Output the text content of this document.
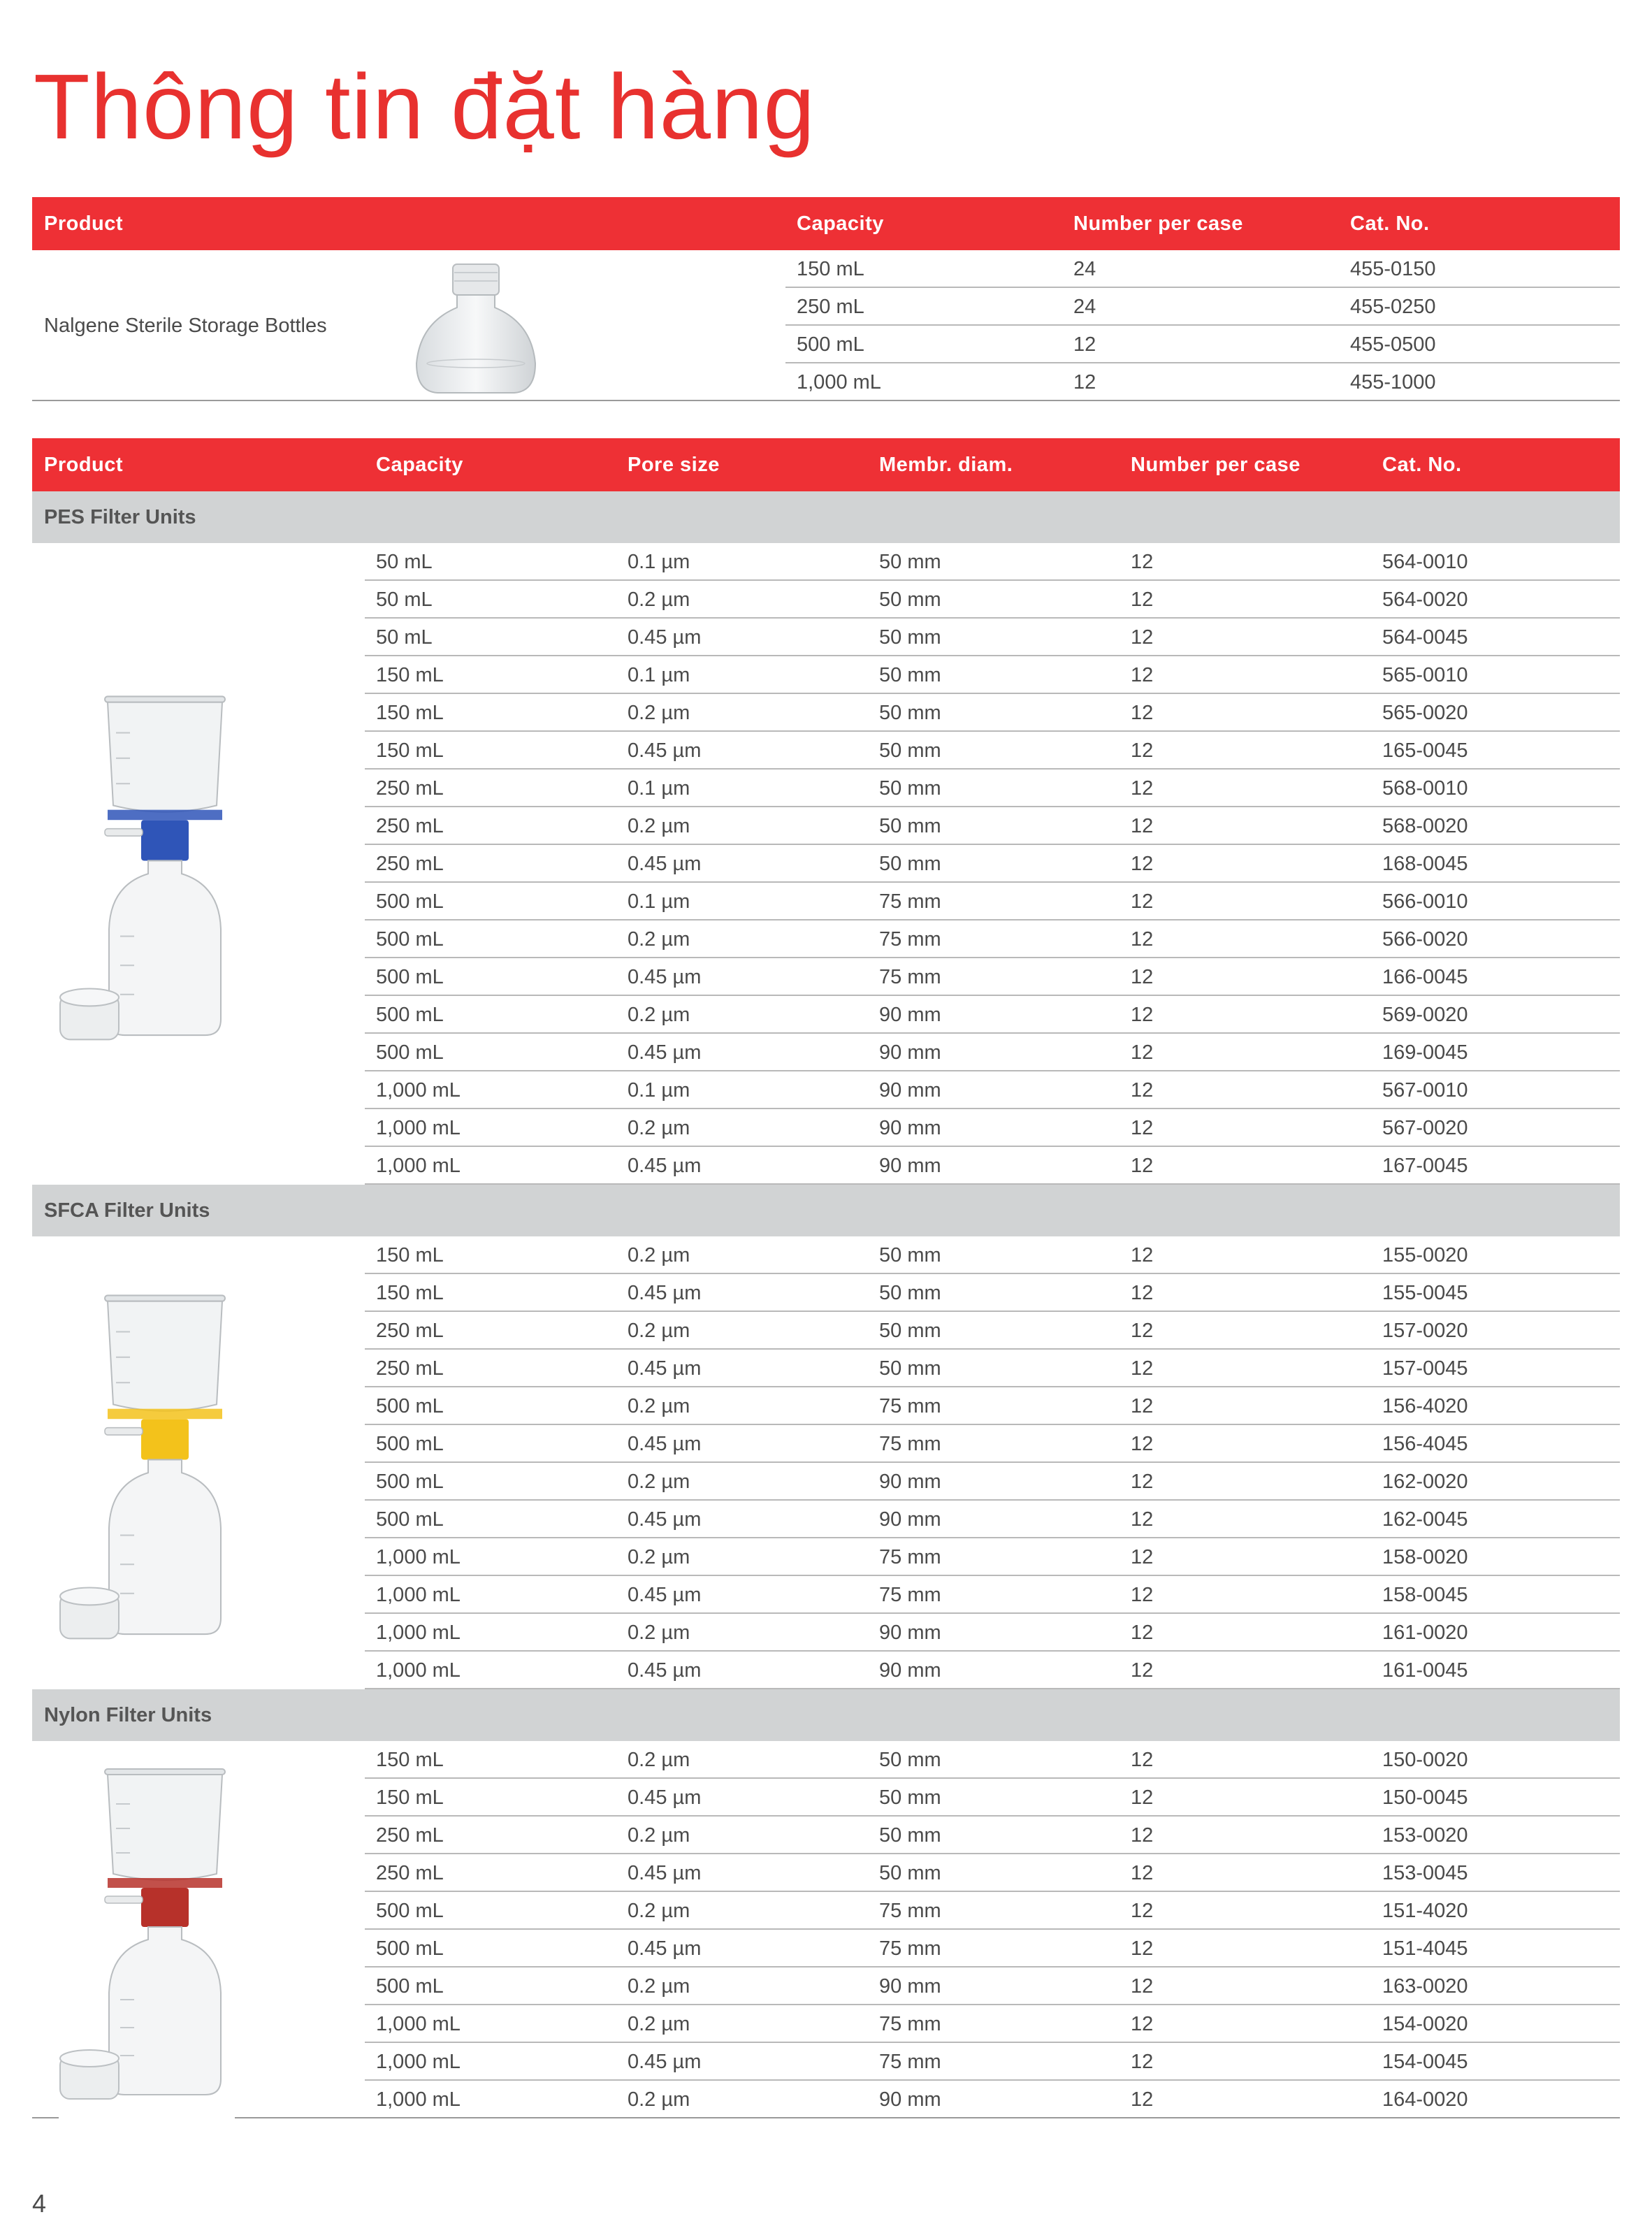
Thông tin đặt hàng
Product	Capacity	Number per case	Cat. No.
Nalgene Sterile Storage Bottles
150 mL	24	455-0150
250 mL	24	455-0250
500 mL	12	455-0500
1,000 mL	12	455-1000
Product	Capacity	Pore size	Membr. diam.	Number per case	Cat. No.
PES Filter Units
50 mL	0.1 µm	50 mm	12	564-0010
50 mL	0.2 µm	50 mm	12	564-0020
50 mL	0.45 µm	50 mm	12	564-0045
150 mL	0.1 µm	50 mm	12	565-0010
150 mL	0.2 µm	50 mm	12	565-0020
150 mL	0.45 µm	50 mm	12	165-0045
250 mL	0.1 µm	50 mm	12	568-0010
250 mL	0.2 µm	50 mm	12	568-0020
250 mL	0.45 µm	50 mm	12	168-0045
500 mL	0.1 µm	75 mm	12	566-0010
500 mL	0.2 µm	75 mm	12	566-0020
500 mL	0.45 µm	75 mm	12	166-0045
500 mL	0.2 µm	90 mm	12	569-0020
500 mL	0.45 µm	90 mm	12	169-0045
1,000 mL	0.1 µm	90 mm	12	567-0010
1,000 mL	0.2 µm	90 mm	12	567-0020
1,000 mL	0.45 µm	90 mm	12	167-0045
SFCA Filter Units
150 mL	0.2 µm	50 mm	12	155-0020
150 mL	0.45 µm	50 mm	12	155-0045
250 mL	0.2 µm	50 mm	12	157-0020
250 mL	0.45 µm	50 mm	12	157-0045
500 mL	0.2 µm	75 mm	12	156-4020
500 mL	0.45 µm	75 mm	12	156-4045
500 mL	0.2 µm	90 mm	12	162-0020
500 mL	0.45 µm	90 mm	12	162-0045
1,000 mL	0.2 µm	75 mm	12	158-0020
1,000 mL	0.45 µm	75 mm	12	158-0045
1,000 mL	0.2 µm	90 mm	12	161-0020
1,000 mL	0.45 µm	90 mm	12	161-0045
Nylon Filter Units
150 mL	0.2 µm	50 mm	12	150-0020
150 mL	0.45 µm	50 mm	12	150-0045
250 mL	0.2 µm	50 mm	12	153-0020
250 mL	0.45 µm	50 mm	12	153-0045
500 mL	0.2 µm	75 mm	12	151-4020
500 mL	0.45 µm	75 mm	12	151-4045
500 mL	0.2 µm	90 mm	12	163-0020
1,000 mL	0.2 µm	75 mm	12	154-0020
1,000 mL	0.45 µm	75 mm	12	154-0045
1,000 mL	0.2 µm	90 mm	12	164-0020
4
